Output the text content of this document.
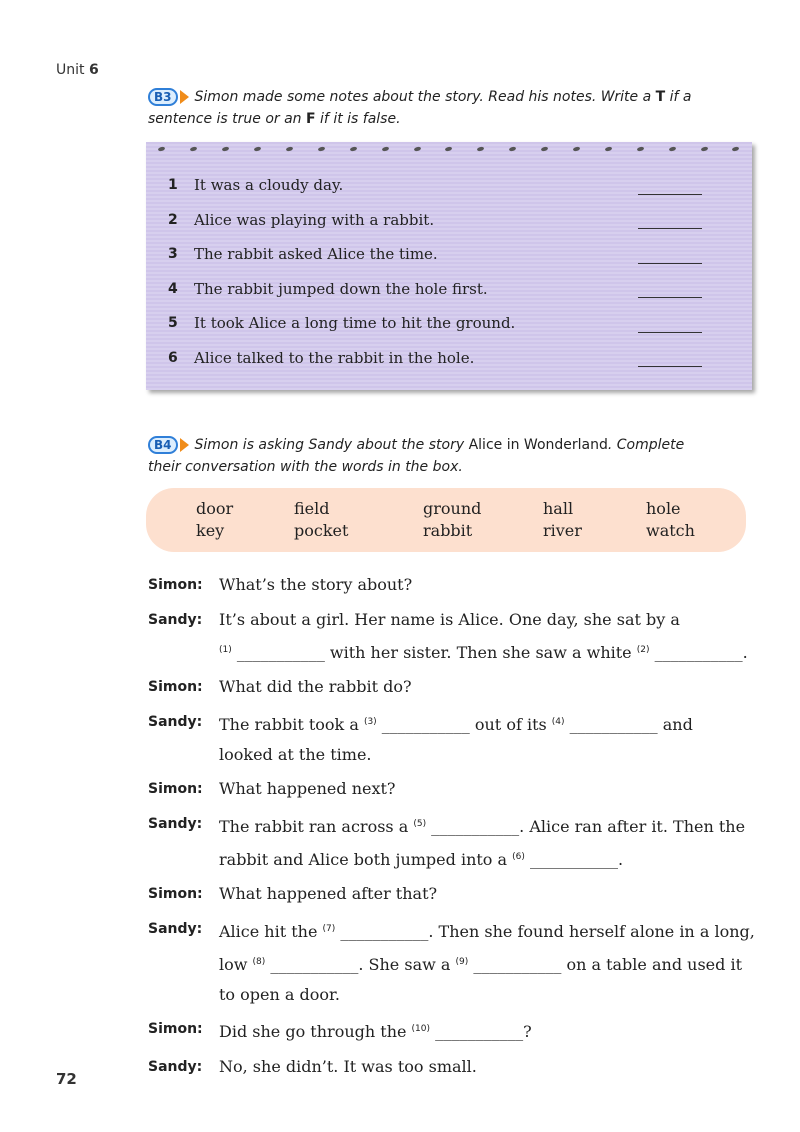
Unit 6
B3	Simon made some notes about the story. Read his notes. Write a T if a
sentence is true or an F if it is false.
1	It was a cloudy day.
2	Alice was playing with a rabbit.
3	The rabbit asked Alice the time.
4	The rabbit jumped down the hole first.
5	It took Alice a long time to hit the ground.
6	Alice talked to the rabbit in the hole.
B4	Simon is asking Sandy about the story Alice in Wonderland. Complete
their conversation with the words in the box.
door	field	ground	hall	hole
key	pocket	rabbit	river	watch
Simon:	What’s the story about?
Sandy:	It’s about a girl. Her name is Alice. One day, she sat by a
$^{(1)}$ ___________ with her sister. Then she saw a white $^{(2)}$ ___________.
Simon:	What did the rabbit do?
Sandy:	The rabbit took a $^{(3)}$ ___________ out of its $^{(4)}$ ___________ and
looked at the time.
Simon:	What happened next?
Sandy:	The rabbit ran across a $^{(5)}$ ___________. Alice ran after it. Then the
rabbit and Alice both jumped into a $^{(6)}$ ___________.
Simon:	What happened after that?
Sandy:	Alice hit the $^{(7)}$ ___________. Then she found herself alone in a long,
low $^{(8)}$ ___________. She saw a $^{(9)}$ ___________ on a table and used it
to open a door.
Simon:	Did she go through the $^{(10)}$ ___________?
Sandy:	No, she didn’t. It was too small.
72
